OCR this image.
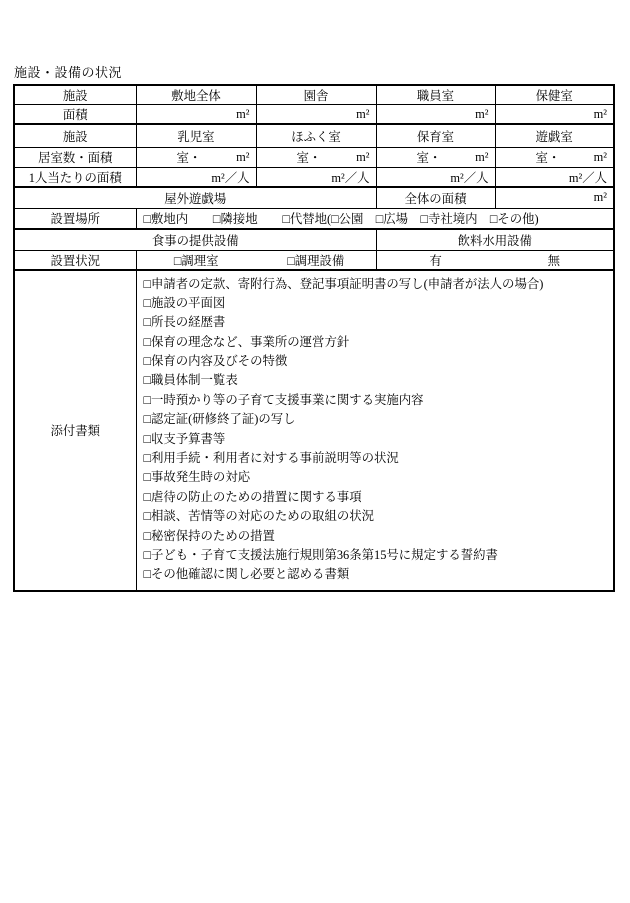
施設・設備の状況
施設	敷地全体	園舎	職員室	保健室
面積	m²	m²	m²	m²
施設	乳児室	ほふく室	保育室	遊戯室
居室数・面積	室・ m²	室・ m²	室・ m²	室・ m²

1人当たりの面積	m²／人	m²／人	m²／人	m²／人
屋外遊戯場			全体の面積	m²
設置場所	□敷地内　　□隣接地　　□代替地(□公園　□広場　□寺社境内　□その他)			
食事の提供設備			飲料水用設備	
設置状況	□調理室 □調理設備		有 無	

添付書類	
□申請者の定款、寄附行為、登記事項証明書の写し(申請者が法人の場合)
□施設の平面図
□所長の経歴書
□保育の理念など、事業所の運営方針
□保育の内容及びその特徴
□職員体制一覧表
□一時預かり等の子育て支援事業に関する実施内容
□認定証(研修終了証)の写し
□収支予算書等
□利用手続・利用者に対する事前説明等の状況
□事故発生時の対応
□虐待の防止のための措置に関する事項
□相談、苦情等の対応のための取組の状況
□秘密保持のための措置
□子ども・子育て支援法施行規則第36条第15号に規定する誓約書
□その他確認に関し必要と認める書類
